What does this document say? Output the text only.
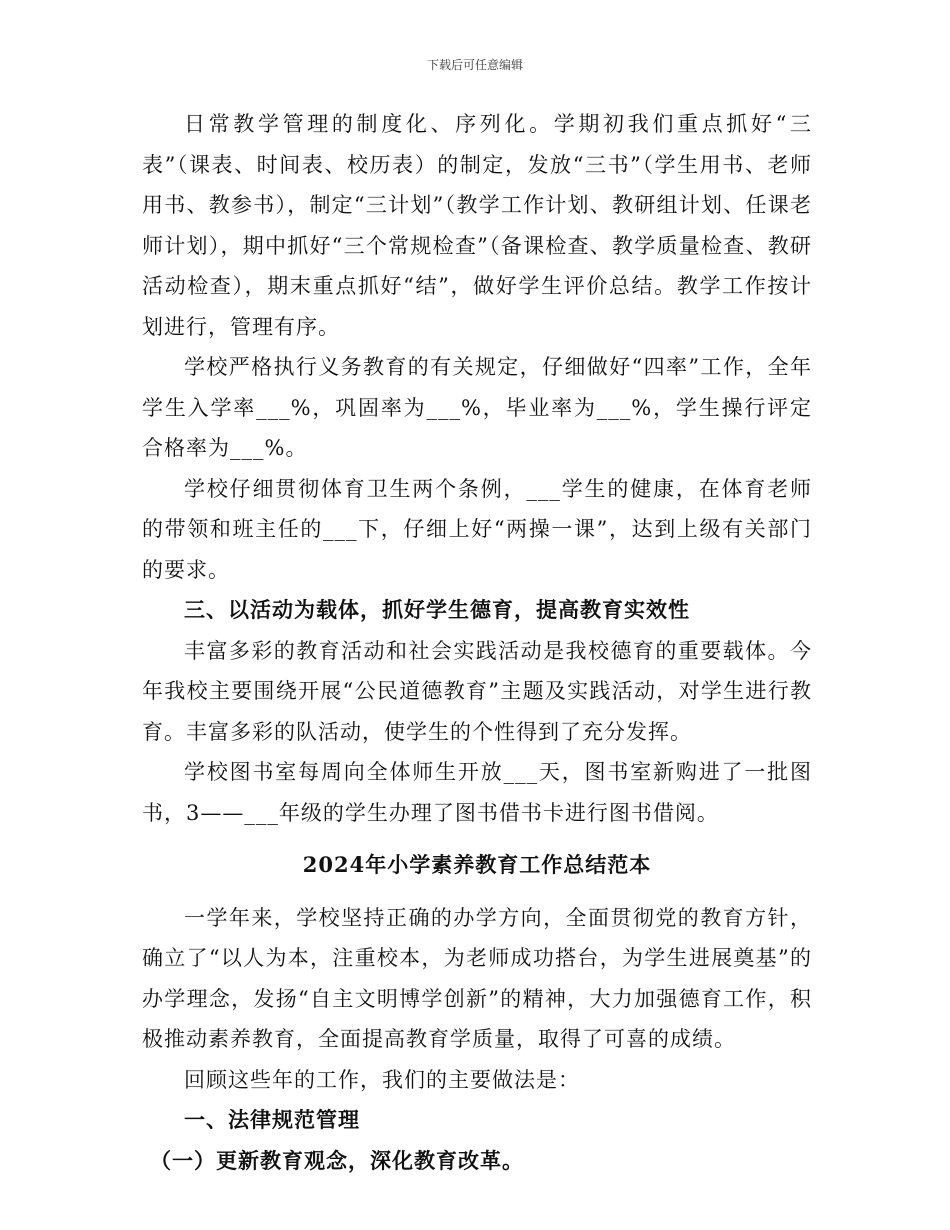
下载后可任意编辑

日常教学管理的制度化、序列化。学期初我们重点抓好“三表”（课表、时间表、校历表）的制定，发放“三书”（学生用书、老师用书、教参书），制定“三计划”（教学工作计划、教研组计划、任课老师计划），期中抓好“三个常规检查”（备课检查、教学质量检查、教研活动检查），期末重点抓好“结”，做好学生评价总结。教学工作按计划进行，管理有序。

学校严格执行义务教育的有关规定，仔细做好“四率”工作，全年学生入学率___%，巩固率为___%，毕业率为___%，学生操行评定合格率为___%。

学校仔细贯彻体育卫生两个条例，___学生的健康，在体育老师的带领和班主任的___下，仔细上好“两操一课”，达到上级有关部门的要求。

三、以活动为载体，抓好学生德育，提高教育实效性

丰富多彩的教育活动和社会实践活动是我校德育的重要载体。今年我校主要围绕开展“公民道德教育”主题及实践活动，对学生进行教育。丰富多彩的队活动，使学生的个性得到了充分发挥。

学校图书室每周向全体师生开放___天，图书室新购进了一批图书，3——___年级的学生办理了图书借书卡进行图书借阅。

2024年小学素养教育工作总结范本

一学年来，学校坚持正确的办学方向，全面贯彻党的教育方针，确立了“以人为本，注重校本，为老师成功搭台，为学生进展奠基”的办学理念，发扬“自主文明博学创新”的精神，大力加强德育工作，积极推动素养教育，全面提高教育学质量，取得了可喜的成绩。

回顾这些年的工作，我们的主要做法是：

一、法律规范管理

（一）更新教育观念，深化教育改革。
